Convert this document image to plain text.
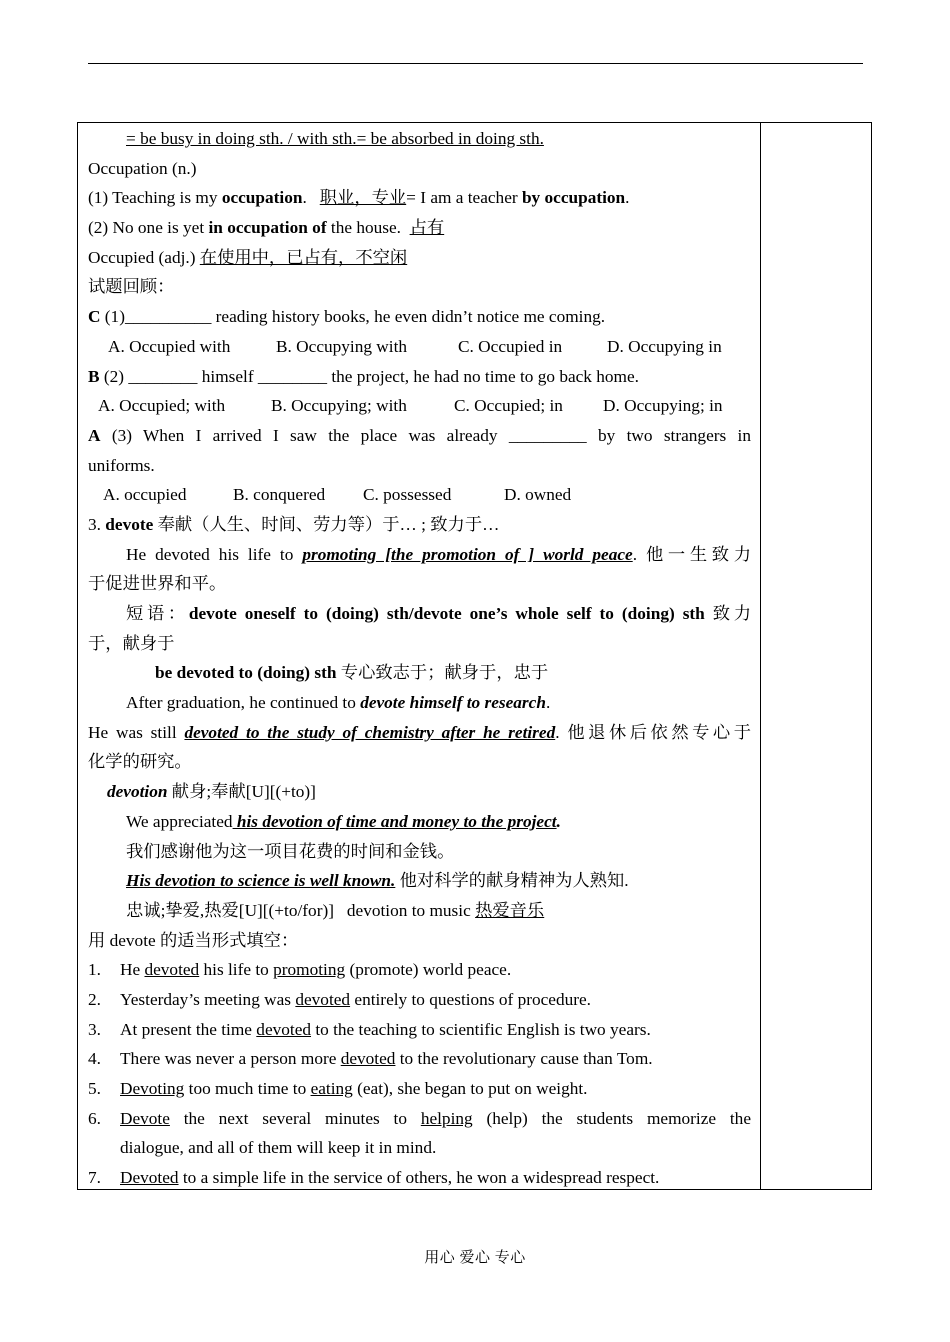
= be busy in doing sth. / with sth.= be absorbed in doing sth.
Occupation (n.)
(1) Teaching is my occupation.   职业，专业= I am a teacher by occupation.
(2) No one is yet in occupation of the house.  占有
Occupied (adj.) 在使用中，已占有，不空闲
试题回顾：
C (1)__________ reading history books, he even didn’t notice me coming.
A. Occupied with	B. Occupying with	C. Occupied in	D. Occupying in
B (2) ________ himself ________ the project, he had no time to go back home.
A. Occupied; with	B. Occupying; with	C. Occupied; in D. Occupying; in
A (3) When I arrived I saw the place was already _________ by two strangers in
uniforms.
A. occupied	B. conquered C. possessed	D. owned
3. devote 奉献（人生、时间、劳力等）于… ; 致力于…
He devoted his life to promoting [the promotion of ] world peace. 他一生致力
于促进世界和平。
短语：devote oneself to (doing) sth/devote one’s whole self to (doing) sth 致力
于，献身于
be devoted to (doing) sth 专心致志于；献身于，忠于
After graduation, he continued to devote himself to research.
He was still devoted to the study of chemistry after he retired. 他退休后依然专心于
化学的研究。
devotion 献身;奉献[U][(+to)]
We appreciated his devotion of time and money to the project.
我们感谢他为这一项目花费的时间和金钱。
His devotion to science is well known. 他对科学的献身精神为人熟知.
忠诚;挚爱,热爱[U][(+to/for)]   devotion to music 热爱音乐
用 devote 的适当形式填空：
1. He devoted his life to promoting (promote) world peace.
2. Yesterday’s meeting was devoted entirely to questions of procedure.
3. At present the time devoted to the teaching to scientific English is two years.
4. There was never a person more devoted to the revolutionary cause than Tom.
5. Devoting too much time to eating (eat), she began to put on weight.
6. Devote the next several minutes to helping (help) the students memorize the
dialogue, and all of them will keep it in mind.
7. Devoted to a simple life in the service of others, he won a widespread respect.
用心 爱心 专心
